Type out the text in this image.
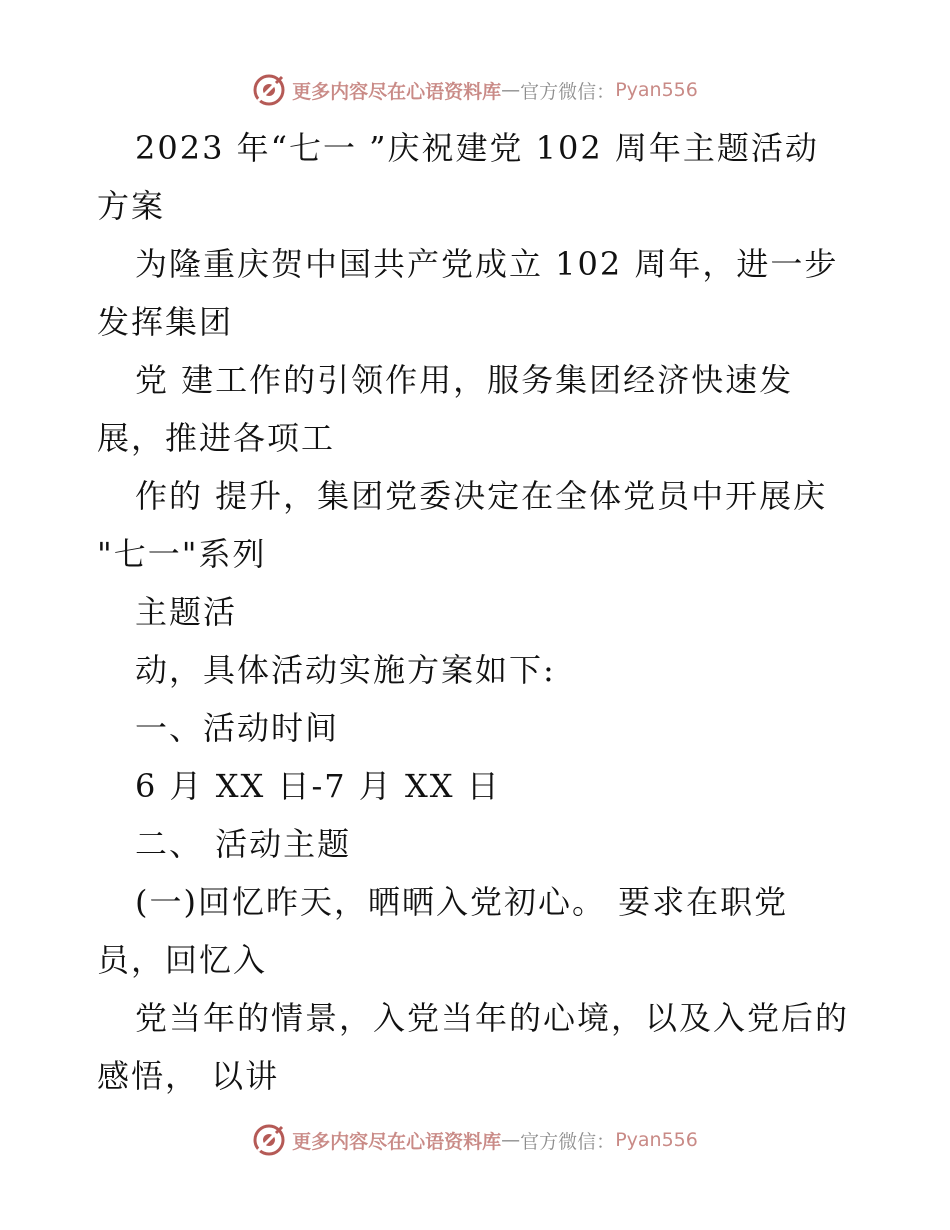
更多内容尽在心语资料库 — 官方微信： Pyan556
2023 年“七一 ”庆祝建党 102 周年主题活动
方案
为隆重庆贺中国共产党成立 102 周年，进一步
发挥集团
党 建工作的引领作用，服务集团经济快速发
展，推进各项工
作的 提升，集团党委决定在全体党员中开展庆
"七一"系列
主题活
动，具体活动实施方案如下:
一、活动时间
6 月 XX 日-7 月 XX 日
二、 活动主题
(一)回忆昨天，晒晒入党初心。 要求在职党
员，回忆入
党当年的情景，入党当年的心境，以及入党后的
感悟， 以讲
更多内容尽在心语资料库 — 官方微信： Pyan556
